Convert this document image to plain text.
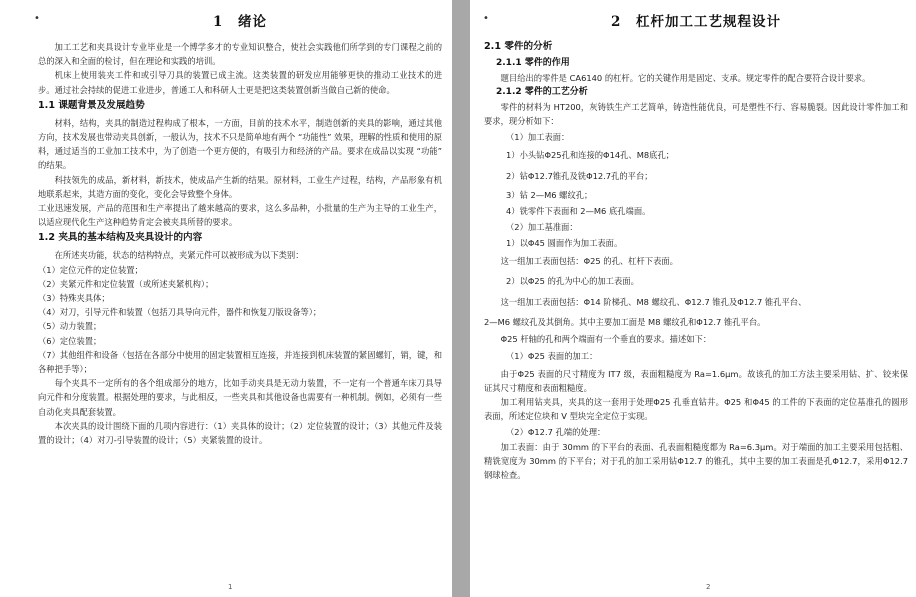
•	1　绪论

加工工艺和夹具设计专业毕业是一个博学多才的专业知识整合，使社会实践他们所学到的专门课程之前的总的深入和全面的检讨，但在理论和实践的培训。

机床上使用装夹工件和或引导刀具的装置已成主流。这类装置的研发应用能够更快的推动工业技术的进步。通过社会持续的促进工业进步，普通工人和科研人士更是把这类装置创新当做自己新的使命。

1.1 课题背景及发展趋势

材料，结构，夹具的制造过程构成了根本，一方面，目前的技术水平，制造创新的夹具的影响，通过其他方向，技术发展也带动夹具创新，一般认为，技术不只是简单地有两个 “功能性” 效果，理解的性质和使用的原料，通过适当的工业加工技术中，为了创造一个更方便的，有吸引力和经济的产品。要求在成品以实现 “功能” 的结果。

科技领先的成品，新材料，新技术，使成品产生新的结果。原材料，工业生产过程，结构，产品形象有机地联系起来，其造方面的变化，变化会导致整个身体。

工业迅速发展，产品的范围和生产率提出了越来越高的要求，这么多品种，小批量的生产为主导的工业生产，以适应现代化生产这种趋势肯定会被夹具所替的要求。

1.2 夹具的基本结构及夹具设计的内容

在所述夹功能，状态的结构特点，夹紧元件可以被形成为以下类别：

（1）定位元件的定位装置；

（2）夹紧元件和定位装置（或所述夹紧机构）；

（3）特殊夹具体；

（4）对刀，引导元件和装置（包括刀具导向元件，器件和恢复刀版设备等）；

（5）动力装置；

（6）定位装置；

（7）其他组件和设备（包括在各部分中使用的固定装置相互连接，并连接到机床装置的紧固螺钉，销，键，和各种把手等）；

每个夹具不一定所有的各个组成部分的地方，比如手动夹具是无动力装置，不一定有一个普通车床刀具导向元件和分度装置。根据处理的要求，与此相反，一些夹具和其他设备也需要有一种机制。例如，必须有一些自动化夹具配套装置。

本次夹具的设计围绕下面的几项内容进行：（1）夹具体的设计；（2）定位装置的设计；（3）其他元件及装置的设计；（4）对刀-引导装置的设计；（5）夹紧装置的设计。

1
•	2　杠杆加工工艺规程设计
2.1 零件的分析
2.1.1 零件的作用

题目给出的零件是 CA6140 的杠杆。它的关键作用是固定、支承。规定零件的配合要符合设计要求。

2.1.2 零件的工艺分析

零件的材料为 HT200，灰铸铁生产工艺简单，铸造性能优良，可是塑性不行、容易脆裂。因此设计零件加工和要求，现分析如下：

（1）加工表面：

1）小头钻Φ25孔和连接的Φ14孔、M8底孔；

2）钻Φ12.7锥孔及铣Φ12.7孔的平台；

3）钻 2—M6 螺纹孔；

4）铣零件下表面和 2—M6 底孔端面。

（2）加工基准面：

1）以Φ45 圆面作为加工表面。

这一组加工表面包括：Φ25 的孔、杠杆下表面。

2）以Φ25 的孔为中心的加工表面。

这一组加工表面包括：Φ14 阶梯孔、M8 螺纹孔、Φ12.7 锥孔及Φ12.7 锥孔平台、

2—M6 螺纹孔及其倒角。其中主要加工面是 M8 螺纹孔和Φ12.7 锥孔平台。

Φ25 杆轴的孔和两个端面有一个垂直的要求。描述如下：

（1）Φ25 表面的加工：

由于Φ25 表面的尺寸精度为 IT7 级，表面粗糙度为 Ra=1.6μm。故该孔的加工方法主要采用钻、扩、铰来保证其尺寸精度和表面粗糙度。

加工利用钻夹具，夹具的这一套用于处理Φ25 孔垂直钻井。Φ25 和Φ45 的工件的下表面的定位基准孔的圆形表面，所述定位块和 V 型块完全定位于实现。

（2）Φ12.7 孔端的处理：

加工表面：由于 30mm 的下平台的表面、孔表面粗糙度都为 Ra=6.3μm。对于端面的加工主要采用包括粗、精铣宽度为 30mm 的下平台；对于孔的加工采用钻Φ12.7 的锥孔，其中主要的加工表面是孔Φ12.7，采用Φ12.7 钢球检查。

2
